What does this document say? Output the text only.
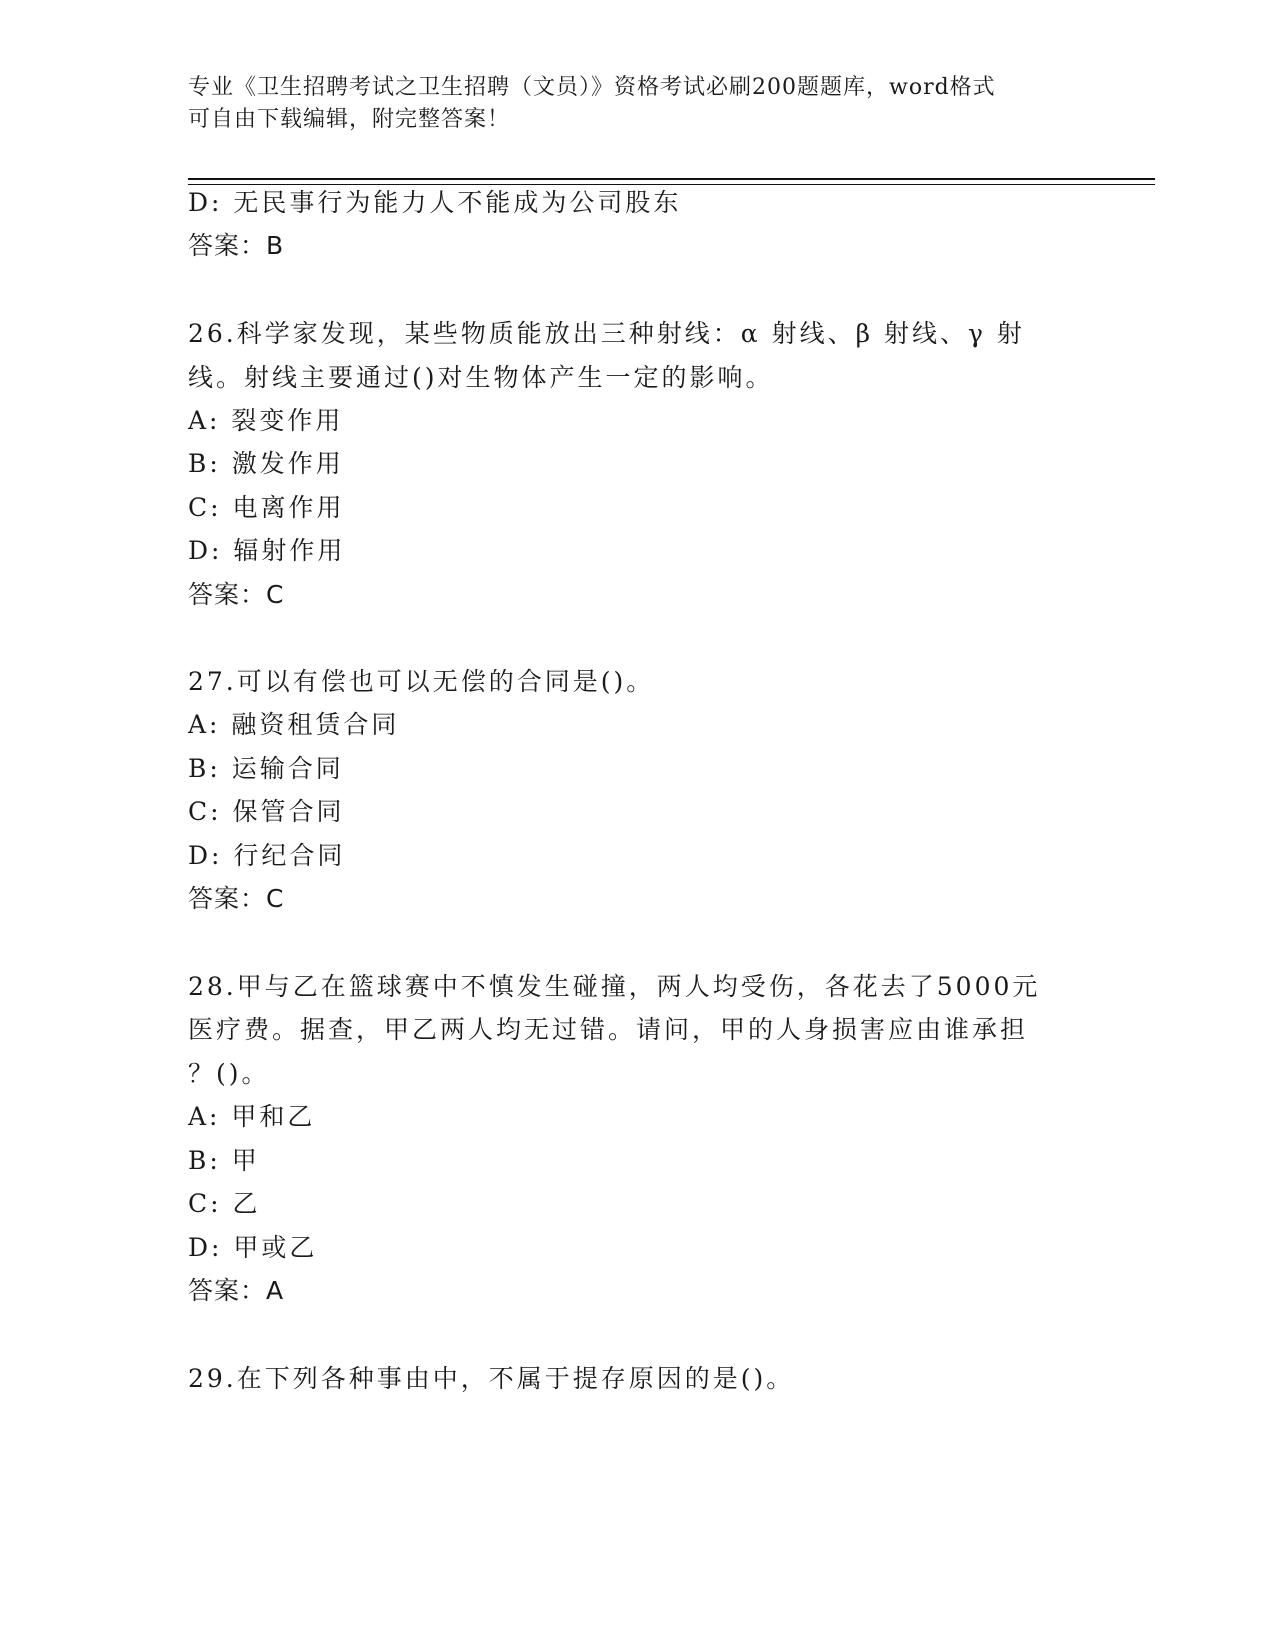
专业《卫生招聘考试之卫生招聘（文员）》资格考试必刷200题题库，word格式
可自由下载编辑，附完整答案！
D: 无民事行为能力人不能成为公司股东
答案：B
26.科学家发现，某些物质能放出三种射线：α 射线、β 射线、γ 射
线。射线主要通过()对生物体产生一定的影响。
A: 裂变作用
B: 激发作用
C: 电离作用
D: 辐射作用
答案：C
27.可以有偿也可以无偿的合同是()。
A: 融资租赁合同
B: 运输合同
C: 保管合同
D: 行纪合同
答案：C
28.甲与乙在篮球赛中不慎发生碰撞，两人均受伤，各花去了5000元
医疗费。据查，甲乙两人均无过错。请问，甲的人身损害应由谁承担
？()。
A: 甲和乙
B: 甲
C: 乙
D: 甲或乙
答案：A
29.在下列各种事由中，不属于提存原因的是()。
